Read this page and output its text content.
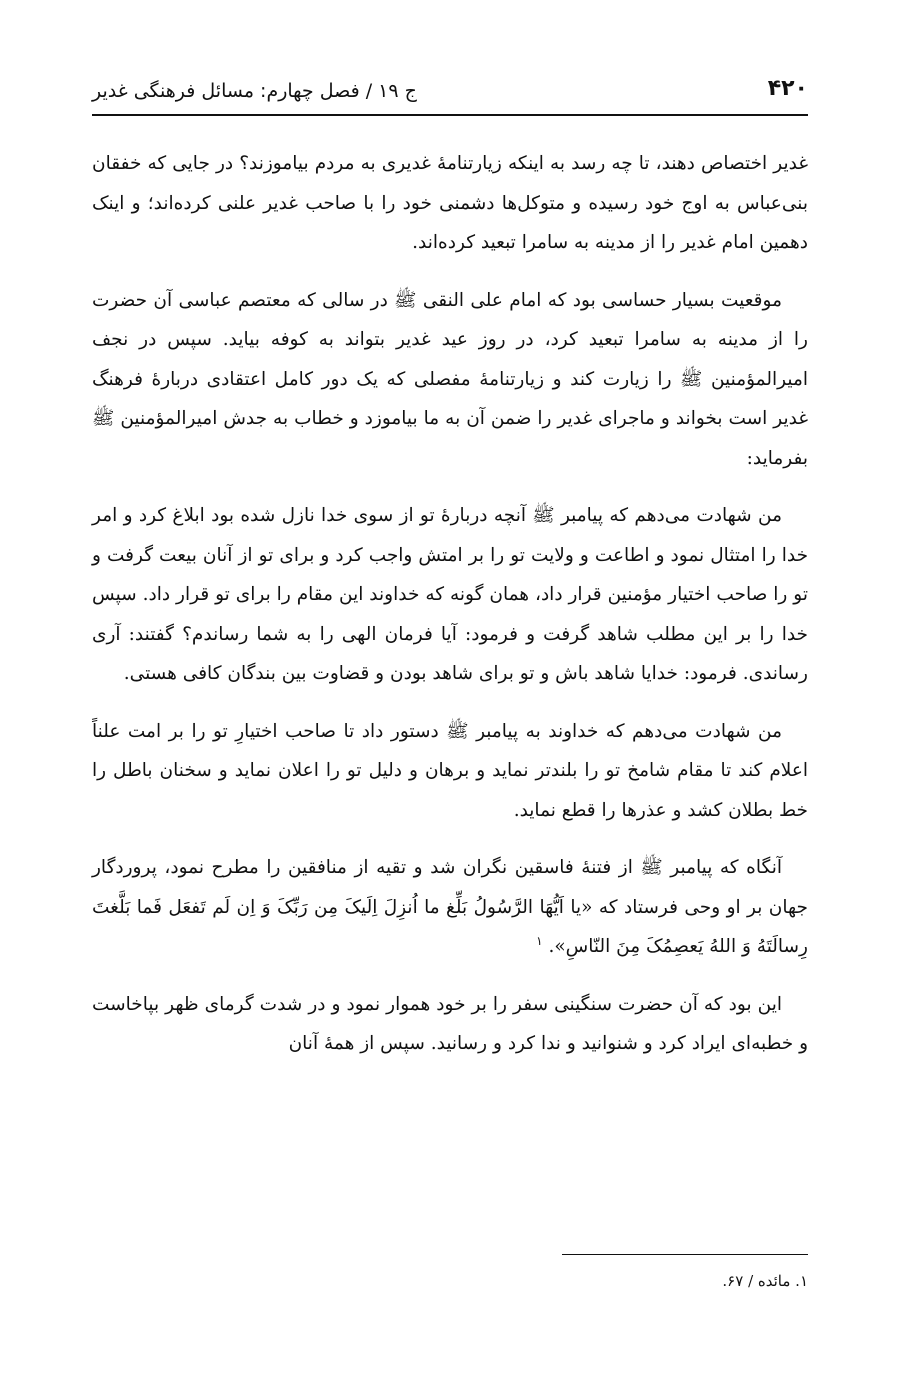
۴۲۰
ج ۱۹ / فصل چهارم: مسائل فرهنگی غدیر

غدیر اختصاص دهند، تا چه رسد به اینکه زیارتنامۀ غدیری به مردم بیاموزند؟ در جایی که خفقان بنی‌عباس به اوج خود رسیده و متوکل‌ها دشمنی خود را با صاحب غدیر علنی کرده‌اند؛ و اینک دهمین امام غدیر را از مدینه به سامرا تبعید کرده‌اند.

موقعیت بسیار حساسی بود که امام علی النقی ﷺ در سالی که معتصم عباسی آن حضرت را از مدینه به سامرا تبعید کرد، در روز عید غدیر بتواند به کوفه بیاید. سپس در نجف امیرالمؤمنین ﷺ را زیارت کند و زیارتنامۀ مفصلی که یک دور کامل اعتقادی دربارۀ فرهنگ غدیر است بخواند و ماجرای غدیر را ضمن آن به ما بیاموزد و خطاب به جدش امیرالمؤمنین ﷺ بفرماید:

من شهادت می‌دهم که پیامبر ﷺ آنچه دربارۀ تو از سوی خدا نازل شده بود ابلاغ کرد و امر خدا را امتثال نمود و اطاعت و ولایت تو را بر امتش واجب کرد و برای تو از آنان بیعت گرفت و تو را صاحب اختیار مؤمنین قرار داد، همان گونه که خداوند این مقام را برای تو قرار داد. سپس خدا را بر این مطلب شاهد گرفت و فرمود: آیا فرمان الهی را به شما رساندم؟ گفتند: آری رساندی. فرمود: خدایا شاهد باش و تو برای شاهد بودن و قضاوت بین بندگان کافی هستی.

من شهادت می‌دهم که خداوند به پیامبر ﷺ دستور داد تا صاحب اختیارِ تو را بر امت علناً اعلام کند تا مقام شامخ تو را بلندتر نماید و برهان و دلیل تو را اعلان نماید و سخنان باطل را خط بطلان کشد و عذرها را قطع نماید.

آنگاه که پیامبر ﷺ از فتنۀ فاسقین نگران شد و تقیه از منافقین را مطرح نمود، پروردگار جهان بر او وحی فرستاد که «یا اَیُّهَا الرَّسُولُ بَلِّغ ما اُنزِلَ اِلَیکَ مِن رَبِّکَ وَ اِن لَم تَفعَل فَما بَلَّغتَ رِسالَتَهُ وَ اللهُ یَعصِمُکَ مِنَ النّاسِ». $^۱$

این بود که آن حضرت سنگینی سفر را بر خود هموار نمود و در شدت گرمای ظهر بپاخاست و خطبه‌ای ایراد کرد و شنوانید و ندا کرد و رسانید. سپس از همۀ آنان

۱. مائده / ۶۷.
